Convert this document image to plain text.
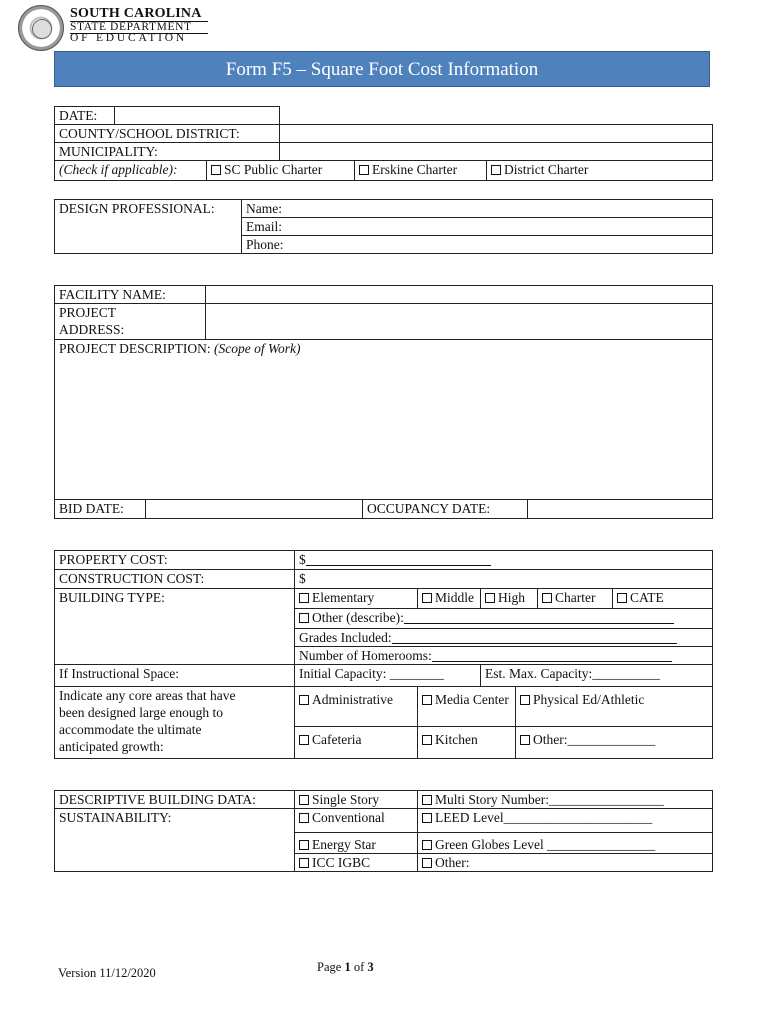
SOUTH CAROLINA
STATE DEPARTMENT
OF EDUCATION
Form F5 – Square Foot Cost Information
DATE:					
COUNTY/SCHOOL DISTRICT:					
MUNICIPALITY:					
(Check if applicable):		SC Public Charter		Erskine Charter	District Charter
DESIGN PROFESSIONAL:	Name:
Email:
Phone:
FACILITY NAME:				

PROJECT
ADDRESS:				

PROJECT DESCRIPTION: (Scope of Work)				
BID DATE:			OCCUPANCY DATE:	
PROPERTY COST:	$					
CONSTRUCTION COST:	$					
BUILDING TYPE:	Elementary	Middle	High		Charter	CATE
	Other (describe):					
	Grades Included:					
	Number of Homerooms:					
If Instructional Space:	Initial Capacity: ________		Est. Max. Capacity:__________			

Indicate any core areas that have
been designed large enough to
accommodate the ultimate
anticipated growth:	Administrative	Media Center		Physical Ed/Athletic		
	Cafeteria	Kitchen		Other:_____________		
DESCRIPTIVE BUILDING DATA:	Single Story	Multi Story Number:_________________
SUSTAINABILITY:	Conventional	LEED Level______________________
	Energy Star	Green Globes Level ________________
	ICC IGBC	Other:
Version 11/12/2020	Page 1 of 3
